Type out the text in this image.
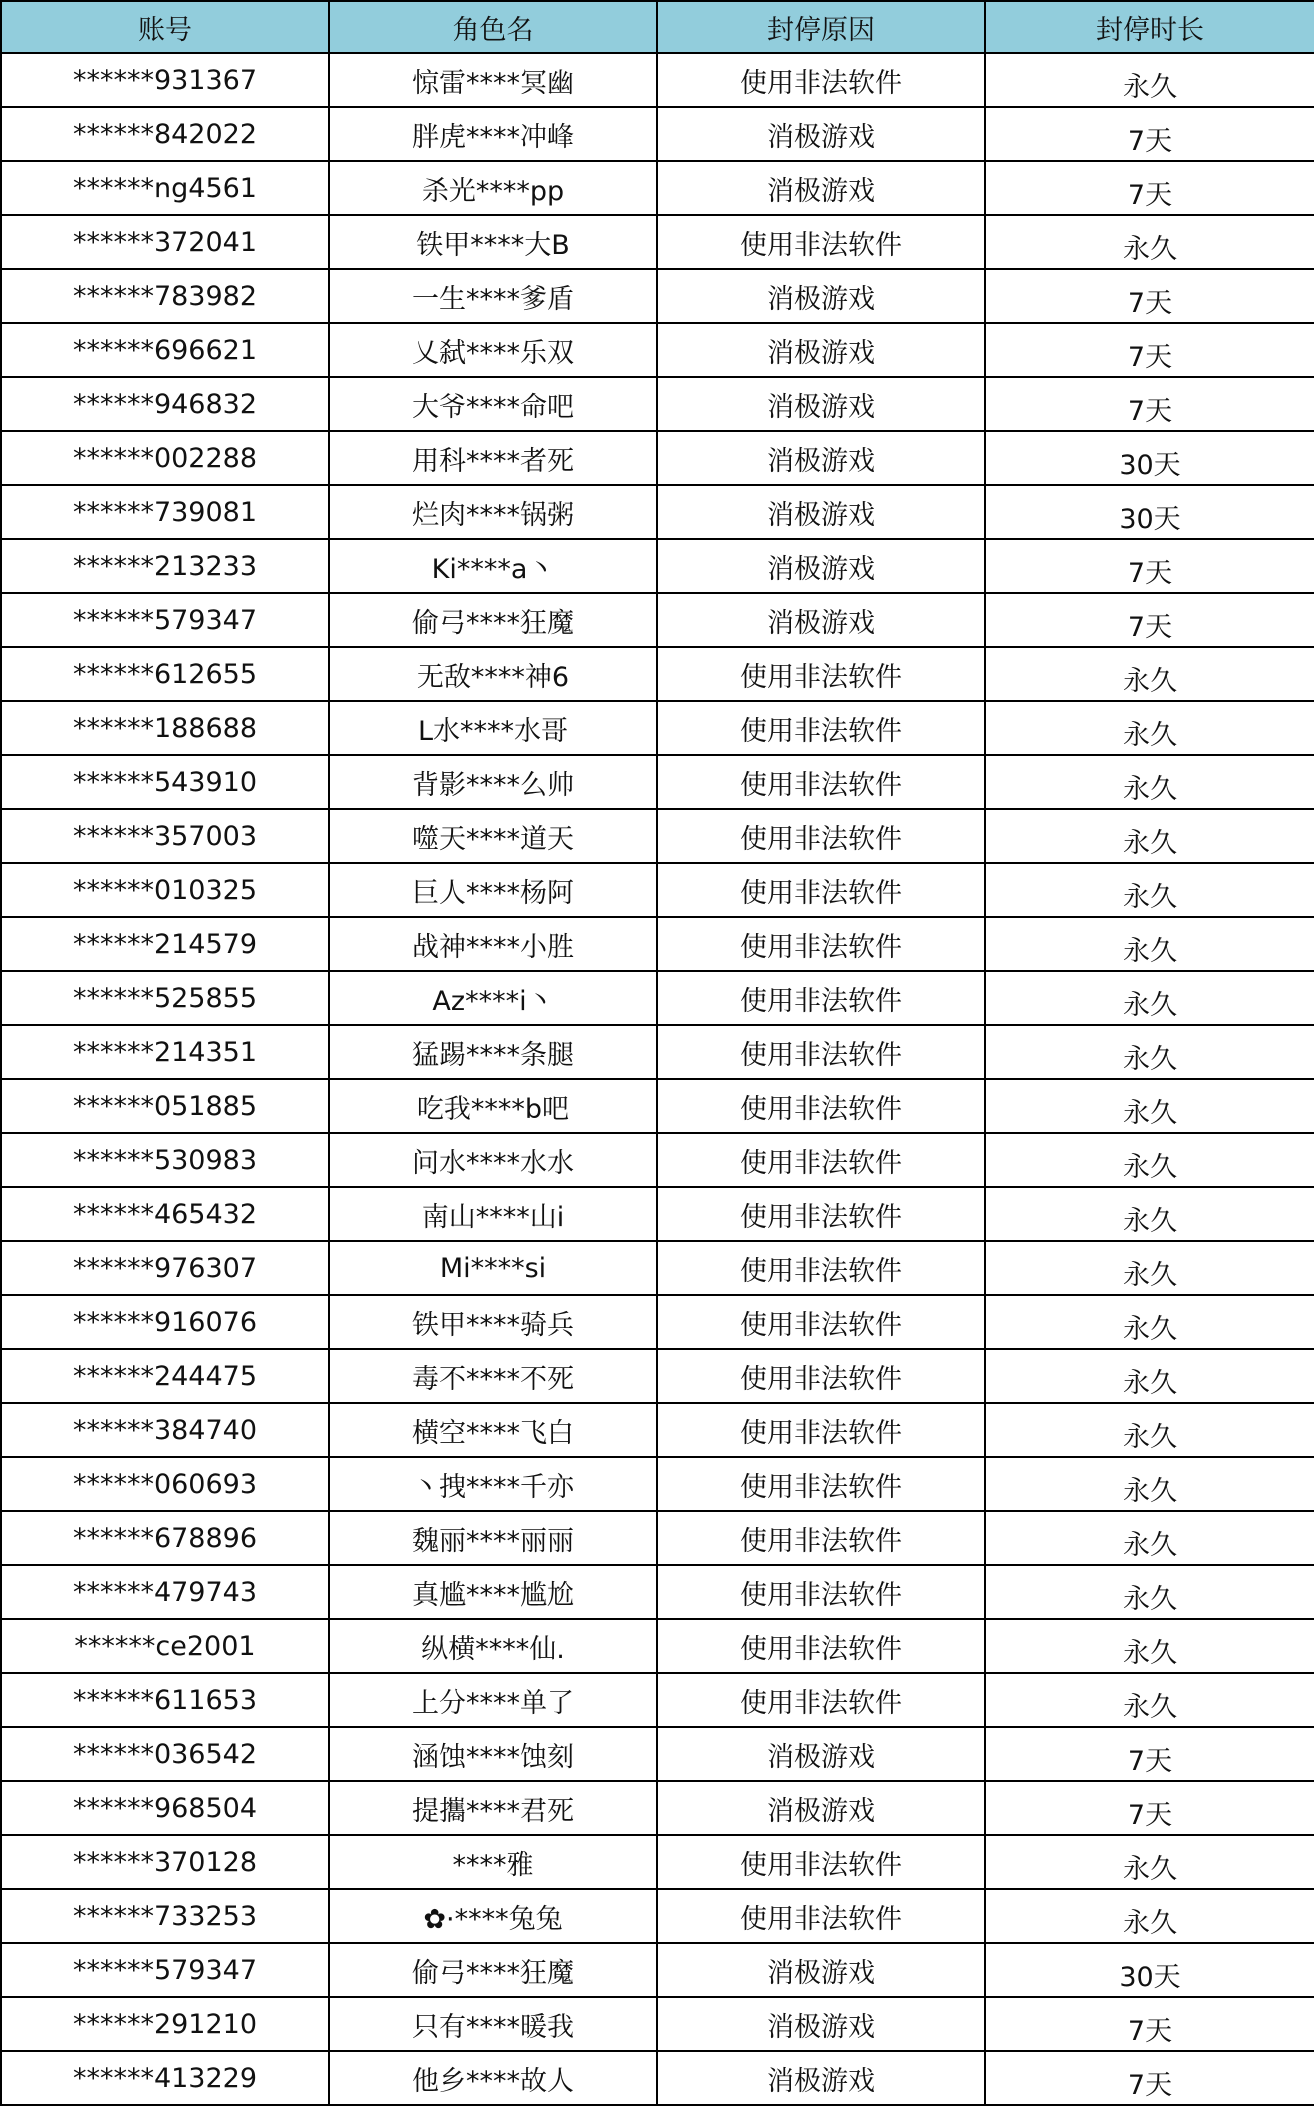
账号	角色名	封停原因	封停时长
******931367	惊雷****冥幽	使用非法软件	永久
******842022	胖虎****冲峰	消极游戏	7天
******ng4561	杀光****pp	消极游戏	7天
******372041	铁甲****大B	使用非法软件	永久
******783982	一生****爹盾	消极游戏	7天
******696621	乂弑****乐双	消极游戏	7天
******946832	大爷****命吧	消极游戏	7天
******002288	用科****者死	消极游戏	30天
******739081	烂肉****锅粥	消极游戏	30天
******213233	Ki****a丶	消极游戏	7天
******579347	偷弓****狂魔	消极游戏	7天
******612655	无敌****神6	使用非法软件	永久
******188688	L水****水哥	使用非法软件	永久
******543910	背影****么帅	使用非法软件	永久
******357003	噬天****道天	使用非法软件	永久
******010325	巨人****杨阿	使用非法软件	永久
******214579	战神****小胜	使用非法软件	永久
******525855	Az****i丶	使用非法软件	永久
******214351	猛踢****条腿	使用非法软件	永久
******051885	吃我****b吧	使用非法软件	永久
******530983	问水****水水	使用非法软件	永久
******465432	南山****山i	使用非法软件	永久
******976307	Mi****si	使用非法软件	永久
******916076	铁甲****骑兵	使用非法软件	永久
******244475	毒不****不死	使用非法软件	永久
******384740	横空****飞白	使用非法软件	永久
******060693	丶拽****千亦	使用非法软件	永久
******678896	魏丽****丽丽	使用非法软件	永久
******479743	真尴****尴尬	使用非法软件	永久
******ce2001	纵横****仙.	使用非法软件	永久
******611653	上分****单了	使用非法软件	永久
******036542	涵蚀****蚀刻	消极游戏	7天
******968504	提攜****君死	消极游戏	7天
******370128	****雅	使用非法软件	永久
******733253	✿·****兔兔	使用非法软件	永久
******579347	偷弓****狂魔	消极游戏	30天
******291210	只有****暖我	消极游戏	7天
******413229	他乡****故人	消极游戏	7天
